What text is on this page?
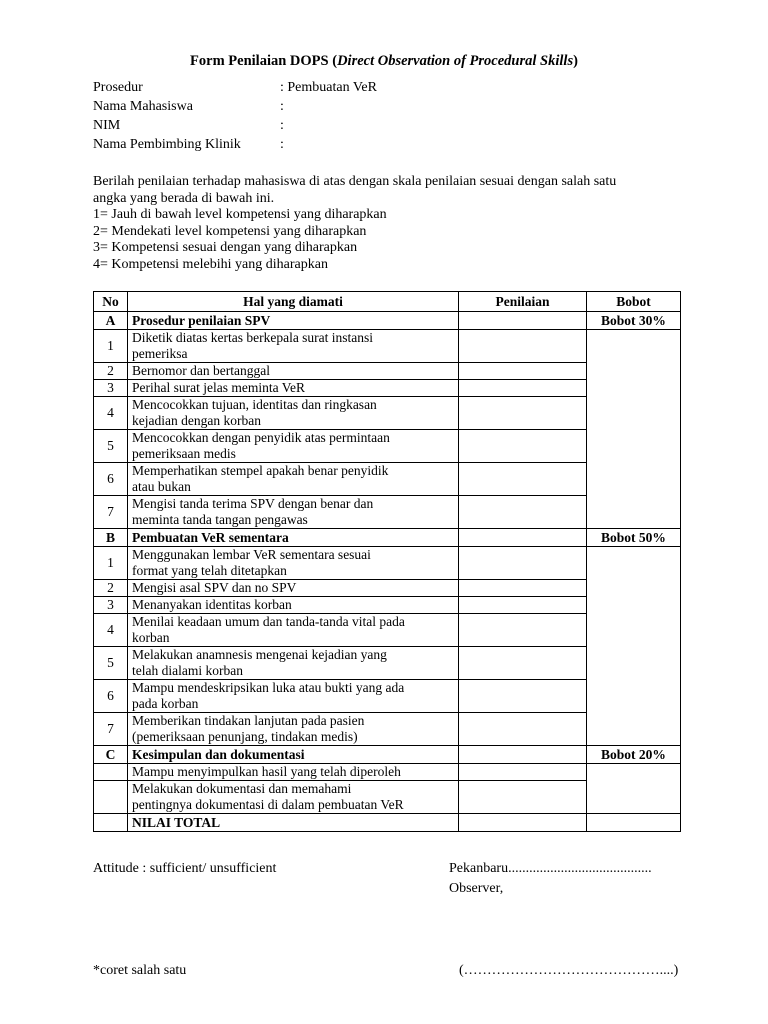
Form Penilaian DOPS (Direct Observation of Procedural Skills)
Prosedur	: Pembuatan VeR
Nama Mahasiswa	:
NIM	:
Nama Pembimbing Klinik	:
Berilah penilaian terhadap mahasiswa di atas dengan skala penilaian sesuai dengan salah satu
angka yang berada di bawah ini.
1= Jauh di bawah level kompetensi yang diharapkan
2= Mendekati level kompetensi yang diharapkan
3= Kompetensi sesuai dengan yang diharapkan
4= Kompetensi melebihi yang diharapkan
No	Hal yang diamati	Penilaian	Bobot
A	Prosedur penilaian SPV		Bobot 30%
1	Diketik diatas kertas berkepala surat instansi
pemeriksa		

2	Bernomor dan bertanggal		
3	Perihal surat jelas meminta VeR		
4	Mencocokkan tujuan, identitas dan ringkasan
kejadian dengan korban		

5	Mencocokkan dengan penyidik atas permintaan
pemeriksaan medis		

6	Memperhatikan stempel apakah benar penyidik
atau bukan		

7	Mengisi tanda terima SPV dengan benar dan
meminta tanda tangan pengawas		

B	Pembuatan VeR sementara		Bobot 50%
1	Menggunakan lembar VeR sementara sesuai
format yang telah ditetapkan		

2	Mengisi asal SPV dan no SPV		
3	Menanyakan identitas korban		
4	Menilai keadaan umum dan tanda-tanda vital pada
korban		

5	Melakukan anamnesis mengenai kejadian yang
telah dialami korban		

6	Mampu mendeskripsikan luka atau bukti yang ada
pada korban		

7	Memberikan tindakan lanjutan pada pasien
(pemeriksaan penunjang, tindakan medis)		

C	Kesimpulan dan dokumentasi		Bobot 20%
	Mampu menyimpulkan hasil yang telah diperoleh		

	Melakukan dokumentasi dan memahami
pentingnya dokumentasi di dalam pembuatan VeR		

	NILAI TOTAL		
Attitude : sufficient/ unsufficient	Pekanbaru.........................................
Observer,
*coret salah satu	(……………………………………....)
